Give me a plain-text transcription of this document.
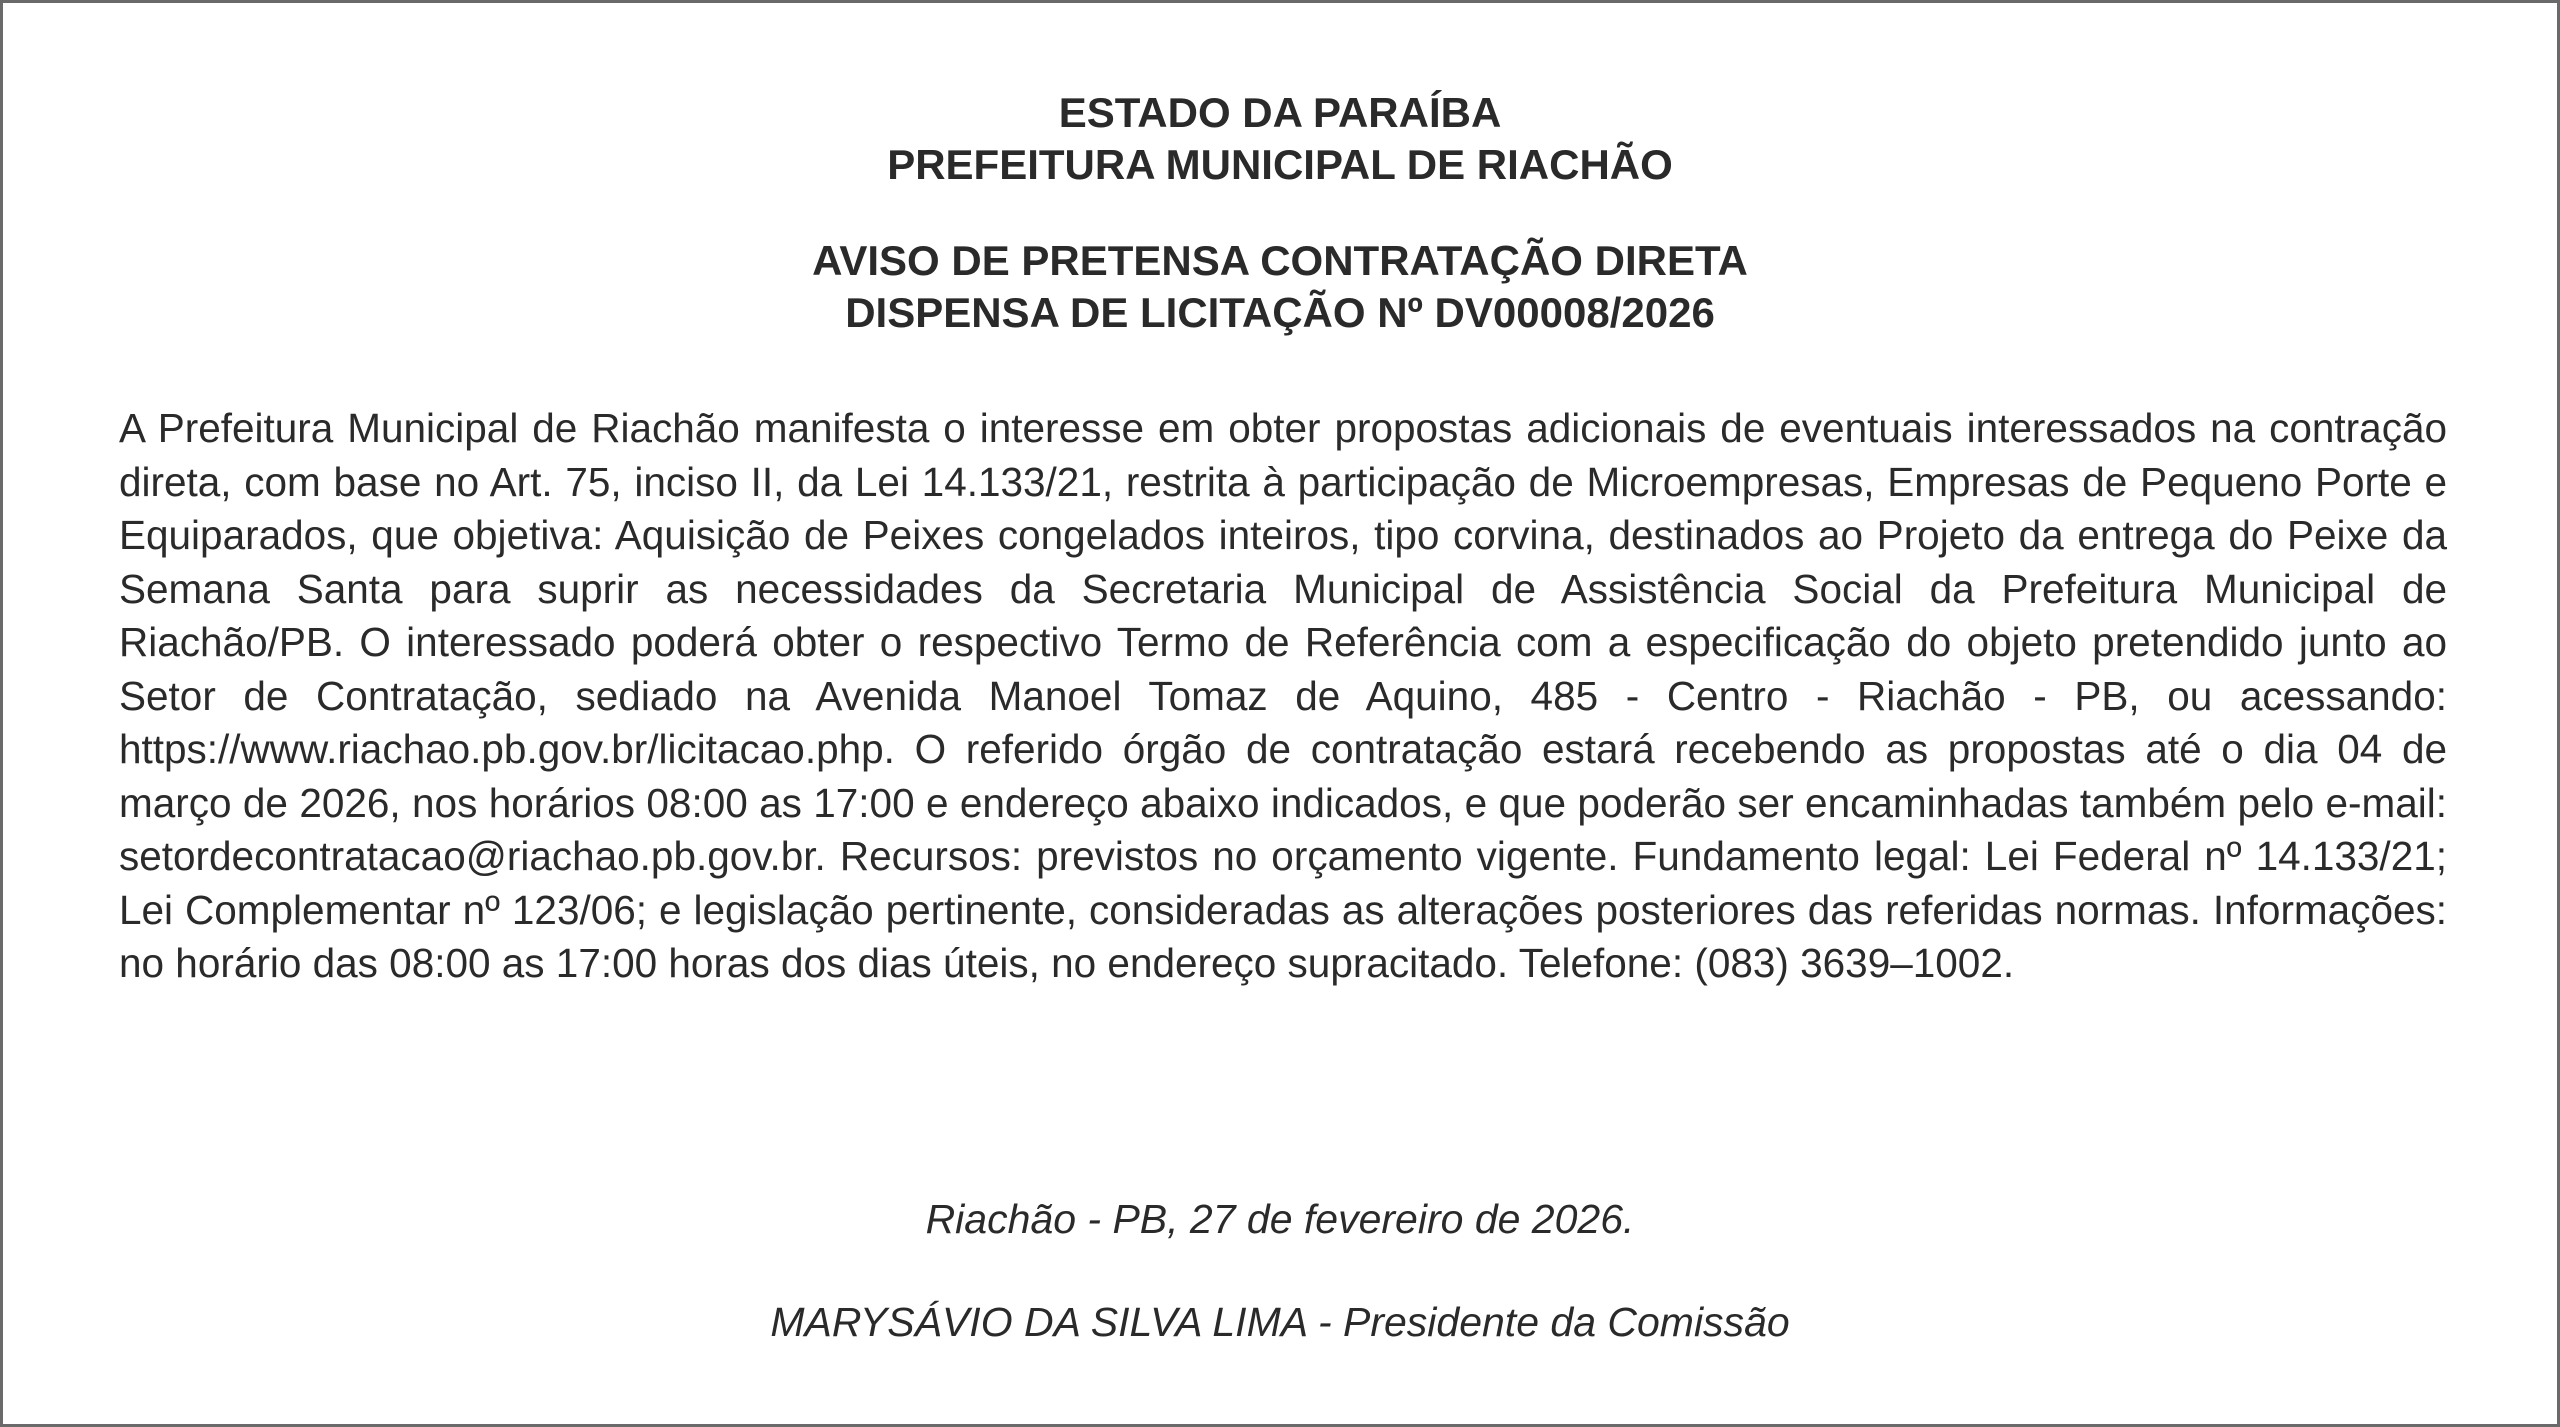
ESTADO DA PARAÍBA
PREFEITURA MUNICIPAL DE RIACHÃO
AVISO DE PRETENSA CONTRATAÇÃO DIRETA
DISPENSA DE LICITAÇÃO Nº DV00008/2026

A Prefeitura Municipal de Riachão manifesta o interesse em obter propostas adicionais de eventuais interessados na contração direta, com base no Art. 75, inciso II, da Lei 14.133/21, restrita à participação de Microempresas, Empresas de Pequeno Porte e Equiparados, que objetiva: Aquisição de Peixes congelados inteiros, tipo corvina, destinados ao Projeto da entrega do Peixe da Semana Santa para suprir as necessidades da Secretaria Municipal de Assistência Social da Prefeitura Municipal de Riachão/PB. O interessado poderá obter o respectivo Termo de Referência com a especificação do objeto pretendido junto ao Setor de Contratação, sediado na Avenida Manoel Tomaz de Aquino, 485 - Centro - Riachão - PB, ou acessando: https://www.riachao.pb.gov.br/licitacao.php. O referido órgão de contratação estará recebendo as propostas até o dia 04 de março de 2026, nos horários 08:00 as 17:00 e endereço abaixo indicados, e que poderão ser encaminhadas também pelo e-mail: setordecontratacao@riachao.pb.gov.br. Recursos: previstos no orçamento vigente. Fundamento legal: Lei Federal nº 14.133/21; Lei Complementar nº 123/06; e legislação pertinente, consideradas as alterações posteriores das referidas normas. Informações: no horário das 08:00 as 17:00 horas dos dias úteis, no endereço supracitado. Telefone: (083) 3639–1002.

Riachão - PB, 27 de fevereiro de 2026.
MARYSÁVIO DA SILVA LIMA - Presidente da Comissão
